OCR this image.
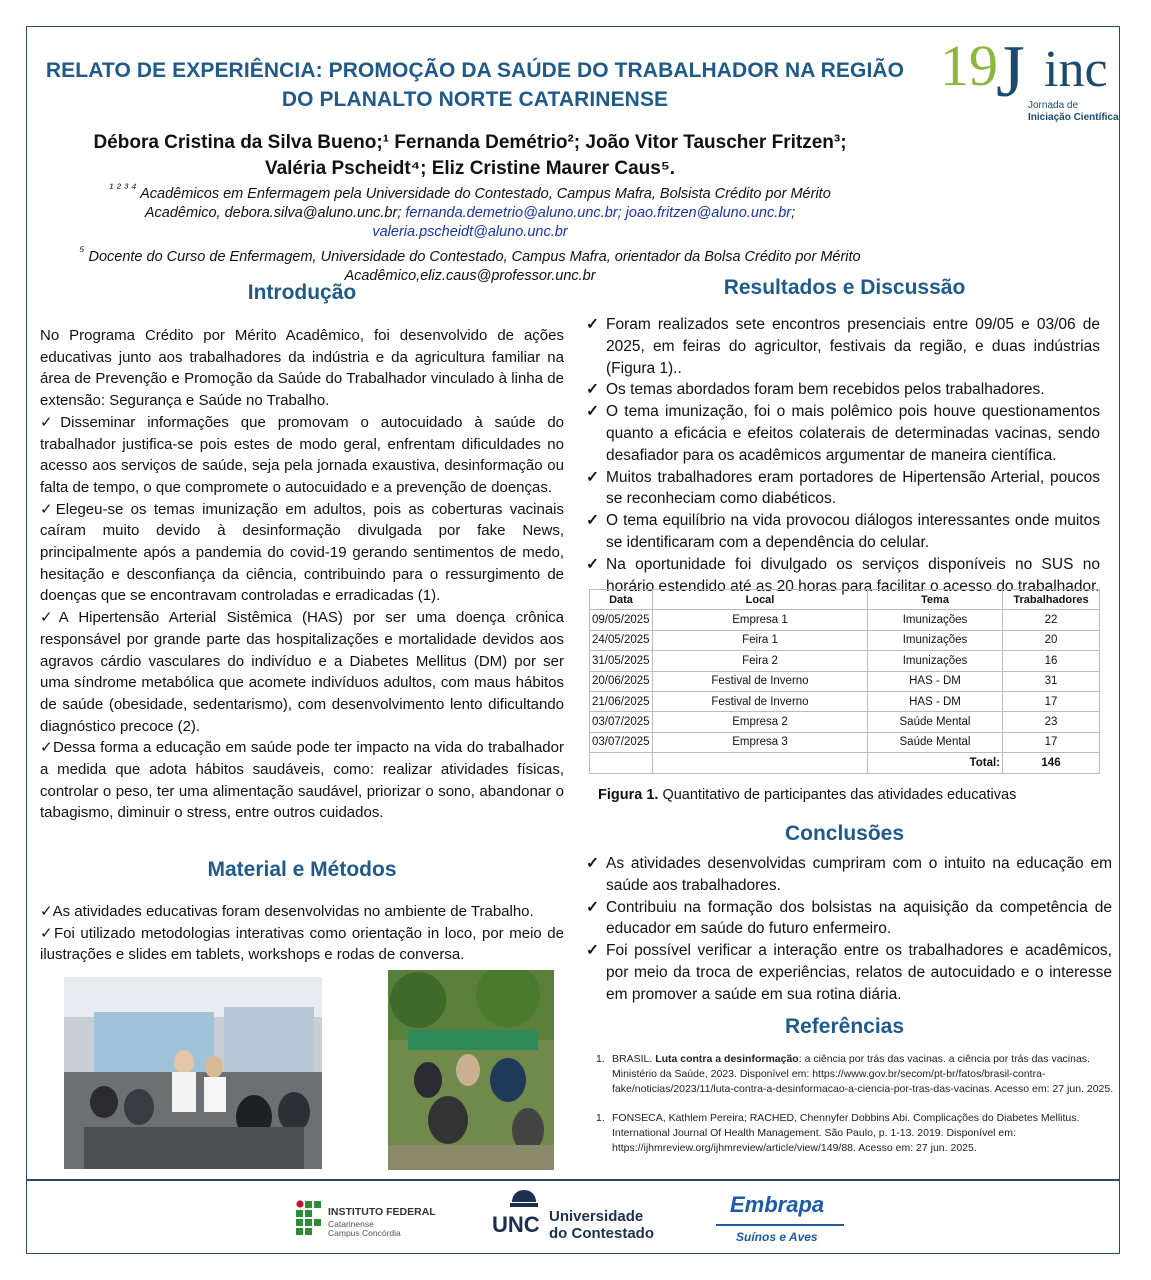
RELATO DE EXPERIÊNCIA: PROMOÇÃO DA SAÚDE DO TRABALHADOR NA REGIÃO
DO PLANALTO NORTE CATARINENSE
19
J inc
Jornada de
Iniciação Científica
Débora Cristina da Silva Bueno;¹ Fernanda Demétrio²; João Vitor Tauscher Fritzen³;
Valéria Pscheidt⁴; Eliz Cristine Maurer Caus⁵.
$^{^1 ^2 ^3 ^4}$ Acadêmicos em Enfermagem pela Universidade do Contestado, Campus Mafra, Bolsista Crédito por Mérito
Acadêmico, debora.silva@aluno.unc.br; fernanda.demetrio@aluno.unc.br; joao.fritzen@aluno.unc.br;
valeria.pscheidt@aluno.unc.br
$^{^5}$ Docente do Curso de Enfermagem, Universidade do Contestado, Campus Mafra, orientador da Bolsa Crédito por Mérito
Acadêmico,eliz.caus@professor.unc.br
Introdução

No Programa Crédito por Mérito Acadêmico, foi desenvolvido de ações educativas junto aos trabalhadores da indústria e da agricultura familiar na área de Prevenção e Promoção da Saúde do Trabalhador vinculado à linha de extensão: Segurança e Saúde no Trabalho.

✓Disseminar informações que promovam o autocuidado à saúde do trabalhador justifica-se pois estes de modo geral, enfrentam dificuldades no acesso aos serviços de saúde, seja pela jornada exaustiva, desinformação ou falta de tempo, o que compromete o autocuidado e a prevenção de doenças.

✓Elegeu-se os temas imunização em adultos, pois as coberturas vacinais caíram muito devido à desinformação divulgada por fake News, principalmente após a pandemia do covid-19 gerando sentimentos de medo, hesitação e desconfiança da ciência, contribuindo para o ressurgimento de doenças que se encontravam controladas e erradicadas (1).

✓A Hipertensão Arterial Sistêmica (HAS) por ser uma doença crônica responsável por grande parte das hospitalizações e mortalidade devidos aos agravos cárdio vasculares do indivíduo e a Diabetes Mellitus (DM) por ser uma síndrome metabólica que acomete indivíduos adultos, com maus hábitos de saúde (obesidade, sedentarismo), com desenvolvimento lento dificultando diagnóstico precoce (2).

✓Dessa forma a educação em saúde pode ter impacto na vida do trabalhador a medida que adota hábitos saudáveis, como: realizar atividades físicas, controlar o peso, ter uma alimentação saudável, priorizar o sono, abandonar o tabagismo, diminuir o stress, entre outros cuidados.

Material e Métodos

✓As atividades educativas foram desenvolvidas no ambiente de Trabalho.

✓Foi utilizado metodologias interativas como orientação in loco, por meio de ilustrações e slides em tablets, workshops e rodas de conversa.

Resultados e Discussão
✓ Foram realizados sete encontros presenciais entre 09/05 e 03/06 de 2025, em feiras do agricultor, festivais da região, e duas indústrias (Figura 1)..
✓ Os temas abordados foram bem recebidos pelos trabalhadores.
✓ O tema imunização, foi o mais polêmico pois houve questionamentos quanto a eficácia e efeitos colaterais de determinadas vacinas, sendo desafiador para os acadêmicos argumentar de maneira científica.
✓ Muitos trabalhadores eram portadores de Hipertensão Arterial, poucos se reconheciam como diabéticos.
✓ O tema equilíbrio na vida provocou diálogos interessantes onde muitos se identificaram com a dependência do celular.
✓ Na oportunidade foi divulgado os serviços disponíveis no SUS no horário estendido até as 20 horas para facilitar o acesso do trabalhador.
Data	Local	Tema	Trabalhadores
09/05/2025	Empresa 1	Imunizações	22
24/05/2025	Feira 1	Imunizações	20
31/05/2025	Feira 2	Imunizações	16
20/06/2025	Festival de Inverno	HAS - DM	31
21/06/2025	Festival de Inverno	HAS - DM	17
03/07/2025	Empresa 2	Saúde Mental	23
03/07/2025	Empresa 3	Saúde Mental	17
		Total:	146
Figura 1. Quantitativo de participantes das atividades educativas
Conclusões
✓ As atividades desenvolvidas cumpriram com o intuito na educação em saúde aos trabalhadores.
✓ Contribuiu na formação dos bolsistas na aquisição da competência de educador em saúde do futuro enfermeiro.
✓ Foi possível verificar a interação entre os trabalhadores e acadêmicos, por meio da troca de experiências, relatos de autocuidado e o interesse em promover a saúde em sua rotina diária.
Referências
1. BRASIL. Luta contra a desinformação: a ciência por trás das vacinas. a ciência por trás das vacinas. Ministério da Saúde, 2023. Disponível em: https://www.gov.br/secom/pt-br/fatos/brasil-contra-fake/noticias/2023/11/luta-contra-a-desinformacao-a-ciencia-por-tras-das-vacinas. Acesso em: 27 jun. 2025.
1. FONSECA, Kathlem Pereira; RACHED, Chennyfer Dobbins Abi. Complicações do Diabetes Mellitus. International Journal Of Health Management. São Paulo, p. 1-13. 2019. Disponível em: https://ijhmreview.org/ijhmreview/article/view/149/88. Acesso em: 27 jun. 2025.
INSTITUTO FEDERAL
Catarinense
Campus Concórdia	UNC Universidade
do Contestado
Embrapa
Suínos e Aves
